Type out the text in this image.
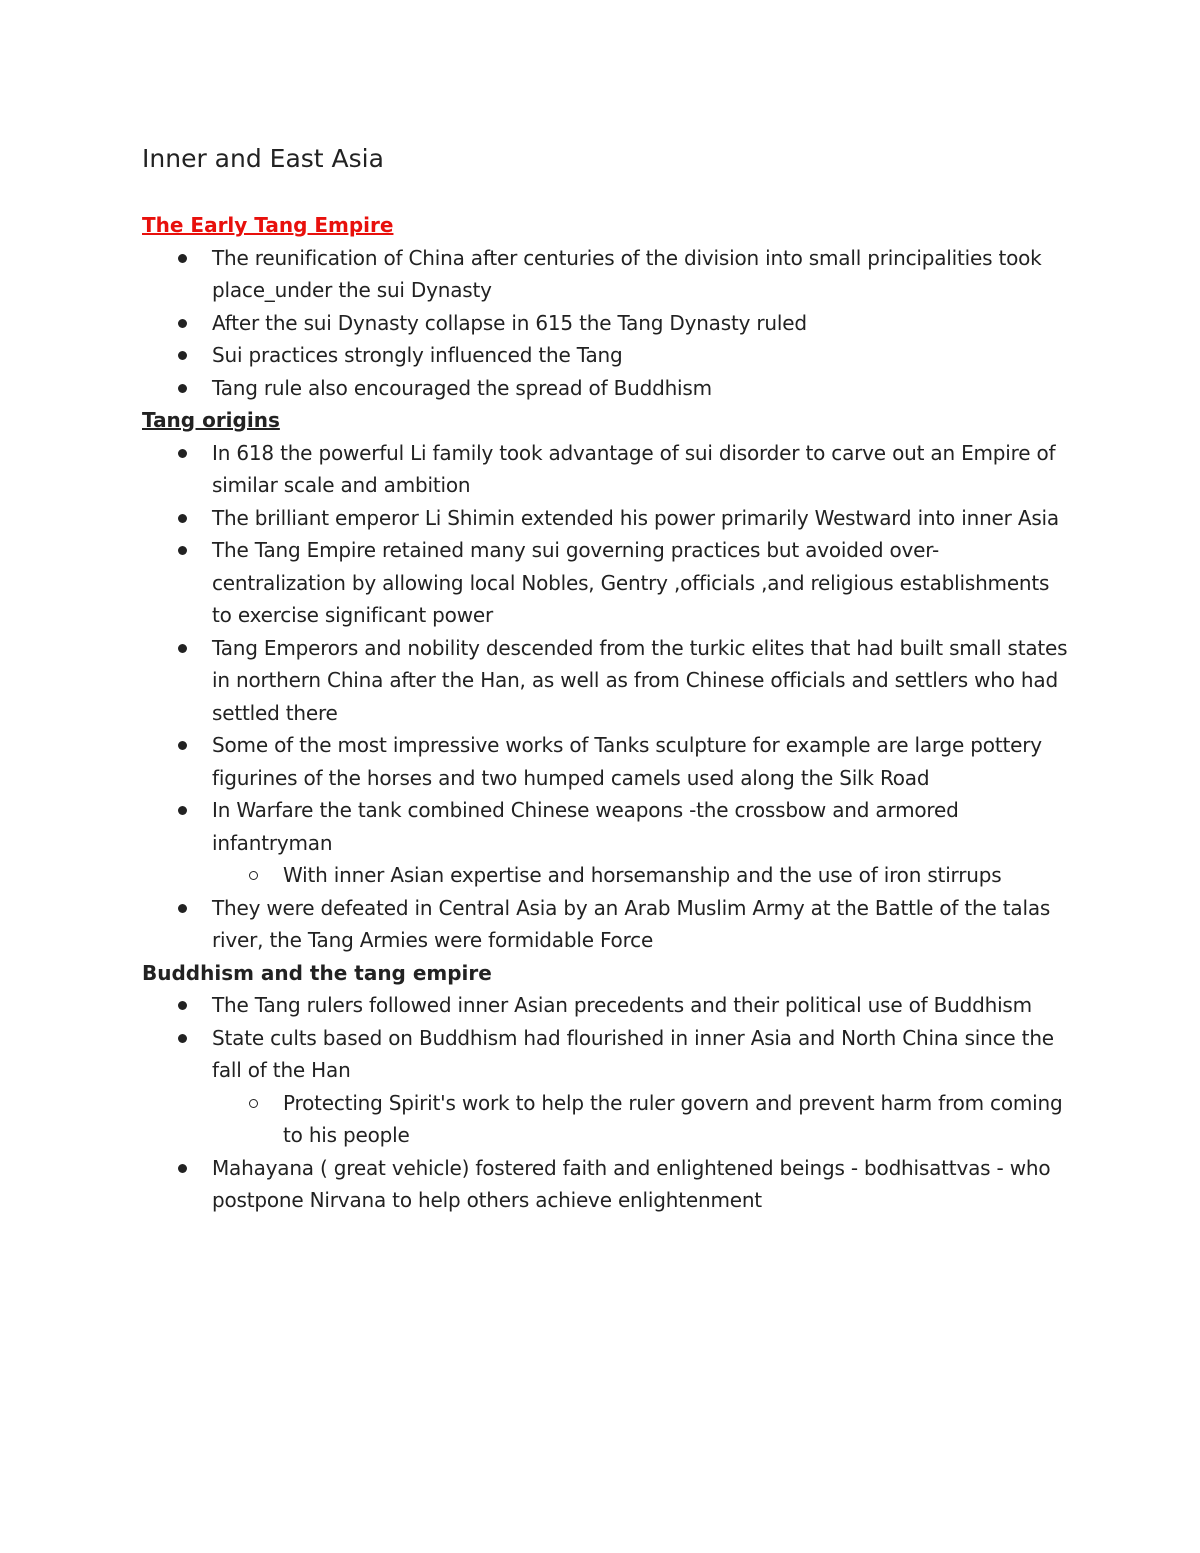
Inner and East Asia
The Early Tang Empire
The reunification of China after centuries of the division into small principalities took place_under the sui Dynasty
After the sui Dynasty collapse in 615 the Tang Dynasty ruled
Sui practices strongly influenced the Tang
Tang rule also encouraged the spread of Buddhism
Tang origins
In 618 the powerful Li family took advantage of sui disorder to carve out an Empire of similar scale and ambition
The brilliant emperor Li Shimin extended his power primarily Westward into inner Asia
The Tang Empire retained many sui governing practices but avoided over-centralization by allowing local Nobles, Gentry ,officials ,and religious establishments to exercise significant power
Tang Emperors and nobility descended from the turkic elites that had built small states in northern China after the Han, as well as from Chinese officials and settlers who had settled there
Some of the most impressive works of Tanks sculpture for example are large pottery figurines of the horses and two humped camels used along the Silk Road
In Warfare the tank combined Chinese weapons -the crossbow and armored infantryman
With inner Asian expertise and horsemanship and the use of iron stirrups
They were defeated in Central Asia by an Arab Muslim Army at the Battle of the talas river, the Tang Armies were formidable Force
Buddhism and the tang empire
The Tang rulers followed inner Asian precedents and their political use of Buddhism
State cults based on Buddhism had flourished in inner Asia and North China since the fall of the Han
Protecting Spirit's work to help the ruler govern and prevent harm from coming to his people
Mahayana ( great vehicle) fostered faith and enlightened beings - bodhisattvas - who postpone Nirvana to help others achieve enlightenment
